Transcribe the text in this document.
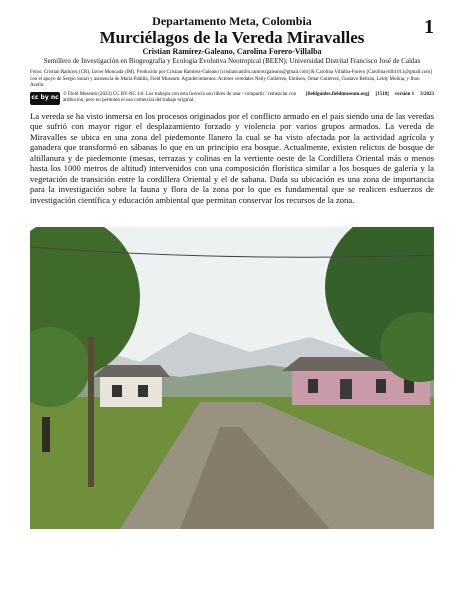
1
Departamento Meta, Colombia
Murciélagos de la Vereda Miravalles
Cristian Ramírez-Galeano, Carolina Forero-Villalba
Semillero de Investigación en Biogeografía y Ecología Evolutiva Neotropical (BEEN); Universidad Distrital Francisco José de Caldas
Fotos: Cristian Ramírez (CR), Javier Moncada (JM). Producido por Cristian Ramírez-Galeano [cristiancamilo.ramirezgaleano@gmail.com] & Carolina Villalba-Forero [Carolinavillb1011@gmail.com] con el apoyo de Sergio Solari y asistencia de Maria Padilla, Field Museum. Agradecimientos: Actores veredales Nelly Gutiérrez, Emilsen, Omar Gutiérrez, Gustavo Beltrán, Leidy Molina, y Jhon Avella.
cc by nc © Field Museum (2023) CC BY-NC 4.0. Los trabajos con esta licencia son libres de usar / compartir / remezclar con atribución, pero no permiten el uso comercial del trabajo original.
[fieldguides.fieldmuseum.org] [1518] versión 1 3/2023
La vereda se ha visto inmersa en los procesos originados por el conflicto armado en el país siendo una de las veredas que sufrió con mayor rigor el desplazamiento forzado y violencia por varios grupos armados. La vereda de Miravalles se ubica en una zona del piedemonte llanero la cual se ha visto afectada por la actividad agrícola y ganadera que transformó en sábanas lo que en un principio era bosque. Actualmente, existen relictos de bosque de altillanura y de piedemonte (mesas, terrazas y colinas en la vertiente oeste de la Cordillera Oriental más o menos hasta los 1000 metros de altitud) intervenidos con una composición florística similar a los bosques de galería y la vegetación de transición entre la cordillera Oriental y el de sabana. Dada su ubicación es una zona de importancia para la investigación sobre la fauna y flora de la zona por lo que es fundamental que se realicen esfuerzos de investigación científica y educación ambiental que permitan conservar los recursos de la zona.
